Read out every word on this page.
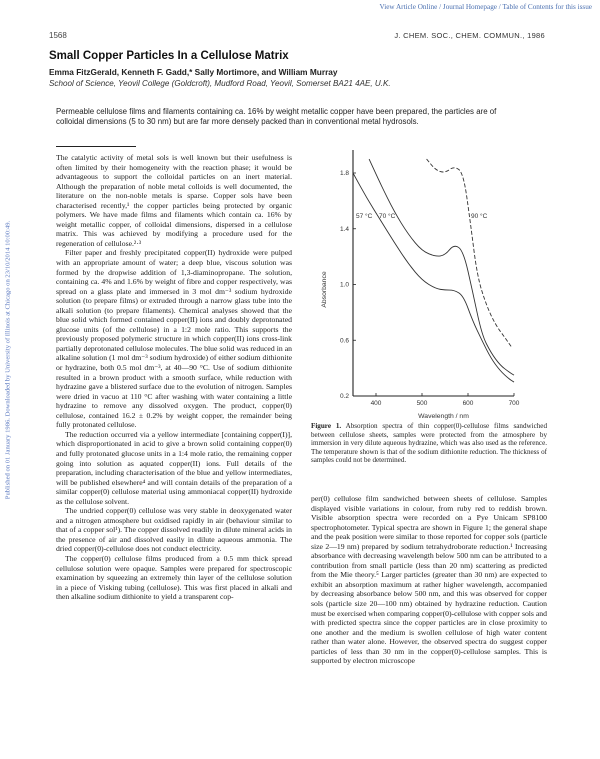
View Article Online / Journal Homepage / Table of Contents for this issue
Published on 01 January 1986. Downloaded by University of Illinois at Chicago on 23/10/2014 10:00:49.
1568	J. CHEM. SOC., CHEM. COMMUN., 1986
Small Copper Particles In a Cellulose Matrix
Emma FitzGerald, Kenneth F. Gadd,* Sally Mortimore, and William Murray
School of Science, Yeovil College (Goldcroft), Mudford Road, Yeovil, Somerset BA21 4AE, U.K.
Permeable cellulose films and filaments containing ca. 16% by weight metallic copper have been prepared, the particles are of colloidal dimensions (5 to 30 nm) but are far more densely packed than in conventional metal hydrosols.

The catalytic activity of metal sols is well known but their usefulness is often limited by their homogeneity with the reaction phase; it would be advantageous to support the colloidal particles on an inert material. Although the preparation of noble metal colloids is well documented, the literature on the non-noble metals is sparse. Copper sols have been characterised recently,¹ the copper particles being protected by organic polymers. We have made films and filaments which contain ca. 16% by weight metallic copper, of colloidal dimensions, dispersed in a cellulose matrix. This was achieved by modifying a procedure used for the regeneration of cellulose.²·³

Filter paper and freshly precipitated copper(II) hydroxide were pulped with an appropriate amount of water; a deep blue, viscous solution was formed by the dropwise addition of 1,3-diaminopropane. The solution, containing ca. 4% and 1.6% by weight of fibre and copper respectively, was spread on a glass plate and immersed in 3 mol dm⁻³ sodium hydroxide solution (to prepare films) or extruded through a narrow glass tube into the alkali solution (to prepare filaments). Chemical analyses showed that the blue solid which formed contained copper(II) ions and doubly deprotonated glucose units (of the cellulose) in a 1:2 mole ratio. This supports the previously proposed polymeric structure in which copper(II) ions cross-link partially deprotonated cellulose molecules. The blue solid was reduced in an alkaline solution (1 mol dm⁻³ sodium hydroxide) of either sodium dithionite or hydrazine, both 0.5 mol dm⁻³, at 40—90 °C. Use of sodium dithionite resulted in a brown product with a smooth surface, while reduction with hydrazine gave a blistered surface due to the evolution of nitrogen. Samples were dried in vacuo at 110 °C after washing with water containing a little hydrazine to remove any dissolved oxygen. The product, copper(0) cellulose, contained 16.2 ± 0.2% by weight copper, the remainder being fully protonated cellulose.

The reduction occurred via a yellow intermediate [containing copper(I)], which disproportionated in acid to give a brown solid containing copper(0) and fully protonated glucose units in a 1:4 mole ratio, the remaining copper going into solution as aquated copper(II) ions. Full details of the preparation, including characterisation of the blue and yellow intermediates, will be published elsewhere⁴ and will contain details of the preparation of a similar copper(0) cellulose material using ammoniacal copper(II) hydroxide as the cellulose solvent.

The undried copper(0) cellulose was very stable in deoxygenated water and a nitrogen atmosphere but oxidised rapidly in air (behaviour similar to that of a copper sol¹). The copper dissolved readily in dilute mineral acids in the presence of air and dissolved easily in dilute aqueous ammonia. The dried copper(0)-cellulose does not conduct electricity.

The copper(0) cellulose films produced from a 0.5 mm thick spread cellulose solution were opaque. Samples were prepared for spectroscopic examination by squeezing an extremely thin layer of the cellulose solution in a piece of Visking tubing (cellulose). This was first placed in alkali and then alkaline sodium dithionite to yield a transparent cop-

400	500	600	700
0.2
0.6
1.0
1.4
1.8
Wavelength / nm
Absorbance
57 °C 70 °C	90 °C
Figure 1. Absorption spectra of thin copper(0)-cellulose films sandwiched between cellulose sheets, samples were protected from the atmosphere by immersion in very dilute aqueous hydrazine, which was also used as the reference. The temperature shown is that of the sodium dithionite reduction. The thickness of samples could not be determined.

per(0) cellulose film sandwiched between sheets of cellulose. Samples displayed visible variations in colour, from ruby red to reddish brown. Visible absorption spectra were recorded on a Pye Unicam SP8100 spectrophotometer. Typical spectra are shown in Figure 1; the general shape and the peak position were similar to those reported for copper sols (particle size 2—19 nm) prepared by sodium tetrahydroborate reduction.¹ Increasing absorbance with decreasing wavelength below 500 nm can be attributed to a contribution from small particle (less than 20 nm) scattering as predicted from the Mie theory.⁵ Larger particles (greater than 30 nm) are expected to exhibit an absorption maximum at rather higher wavelength, accompanied by decreasing absorbance below 500 nm, and this was observed for copper sols (particle size 20—100 nm) obtained by hydrazine reduction. Caution must be exercised when comparing copper(0)-cellulose with copper sols and with predicted spectra since the copper particles are in close proximity to one another and the medium is swollen cellulose of high water content rather than water alone. However, the observed spectra do suggest copper particles of less than 30 nm in the copper(0)-cellulose samples. This is supported by electron microscope
